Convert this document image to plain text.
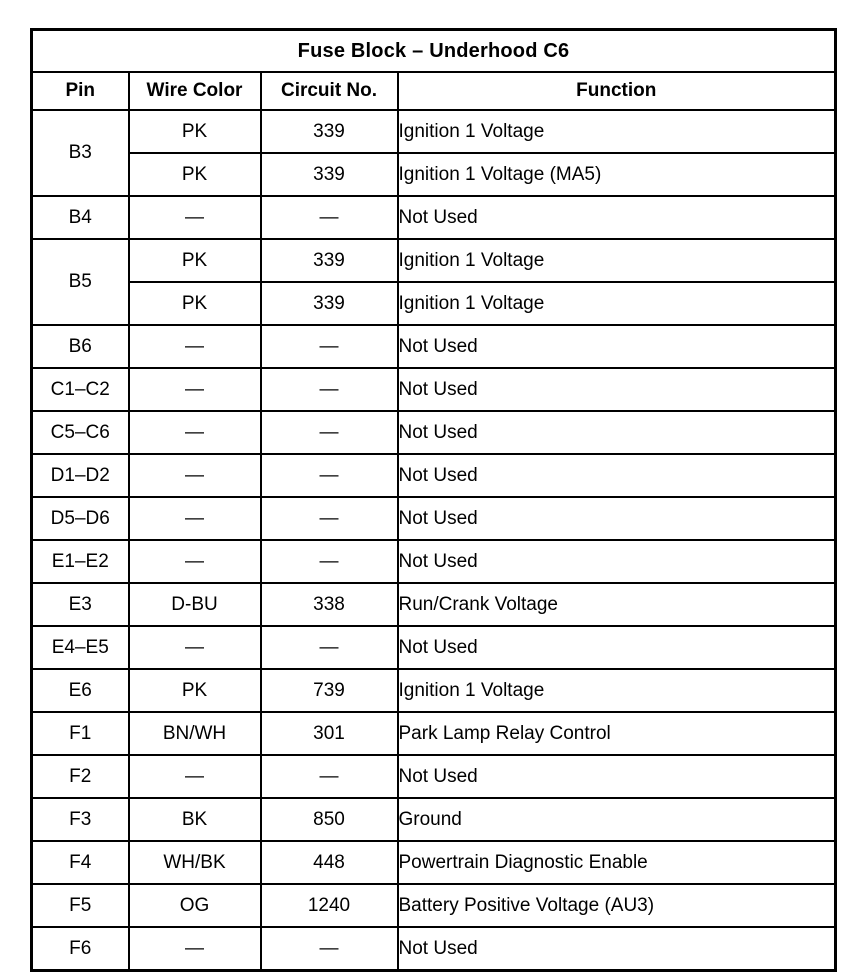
Fuse Block – Underhood C6			
Pin	Wire Color	Circuit No.	Function
B3	PK	339	Ignition 1 Voltage
	PK	339	Ignition 1 Voltage (MA5)
B4	—	—	Not Used
B5	PK	339	Ignition 1 Voltage
	PK	339	Ignition 1 Voltage
B6	—	—	Not Used
C1–C2	—	—	Not Used
C5–C6	—	—	Not Used
D1–D2	—	—	Not Used
D5–D6	—	—	Not Used
E1–E2	—	—	Not Used
E3	D-BU	338	Run/Crank Voltage
E4–E5	—	—	Not Used
E6	PK	739	Ignition 1 Voltage
F1	BN/WH	301	Park Lamp Relay Control
F2	—	—	Not Used
F3	BK	850	Ground
F4	WH/BK	448	Powertrain Diagnostic Enable
F5	OG	1240	Battery Positive Voltage (AU3)
F6	—	—	Not Used
